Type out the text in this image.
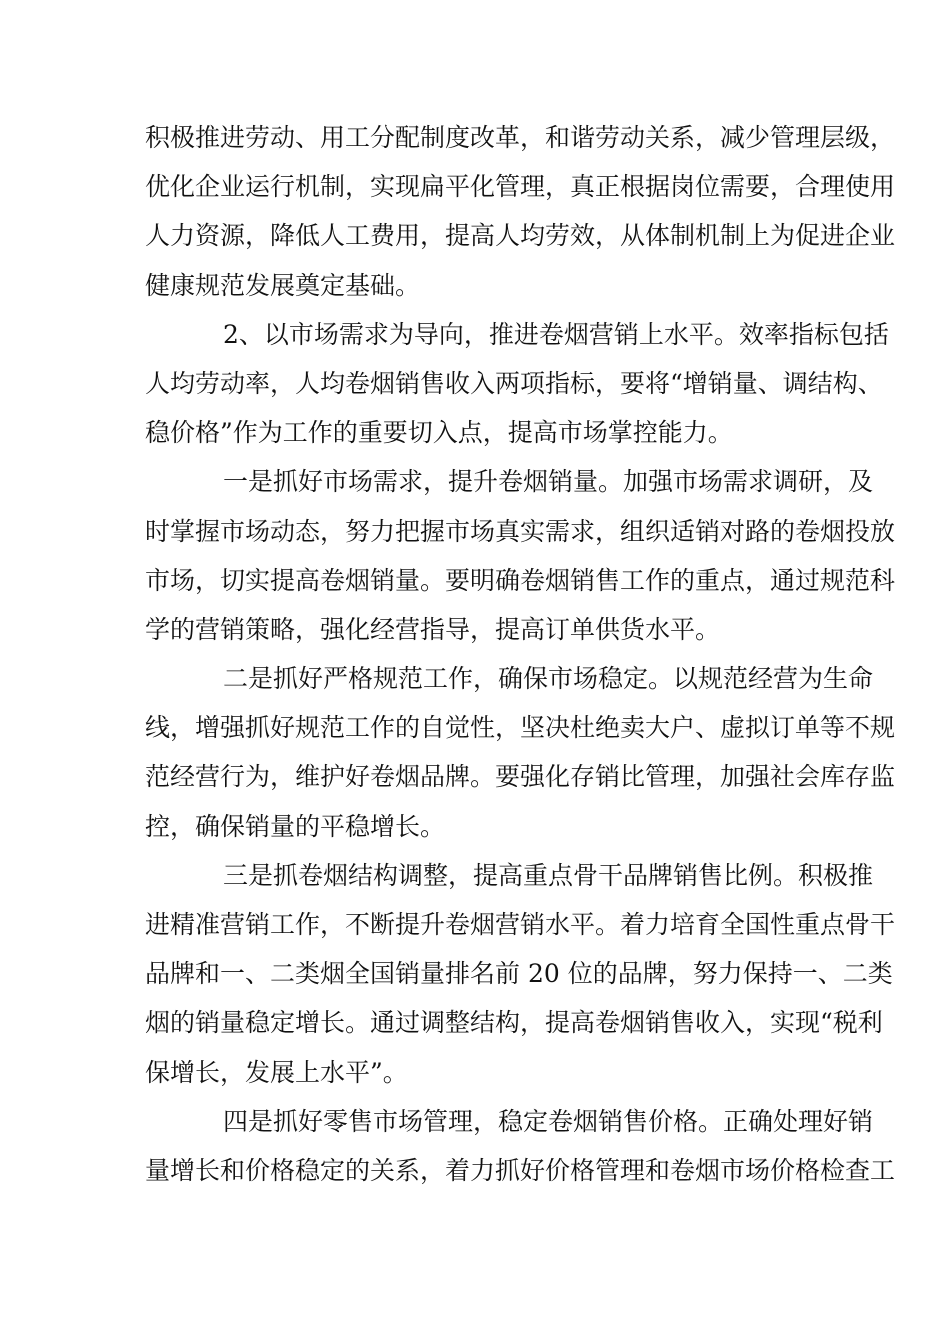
积极推进劳动、用工分配制度改革，和谐劳动关系，减少管理层级，
优化企业运行机制，实现扁平化管理，真正根据岗位需要，合理使用
人力资源，降低人工费用，提高人均劳效，从体制机制上为促进企业
健康规范发展奠定基础。
2、以市场需求为导向，推进卷烟营销上水平。效率指标包括
人均劳动率，人均卷烟销售收入两项指标，要将“增销量、调结构、
稳价格”作为工作的重要切入点，提高市场掌控能力。
一是抓好市场需求，提升卷烟销量。加强市场需求调研，及
时掌握市场动态，努力把握市场真实需求，组织适销对路的卷烟投放
市场，切实提高卷烟销量。要明确卷烟销售工作的重点，通过规范科
学的营销策略，强化经营指导，提高订单供货水平。
二是抓好严格规范工作，确保市场稳定。以规范经营为生命
线，增强抓好规范工作的自觉性，坚决杜绝卖大户、虚拟订单等不规
范经营行为，维护好卷烟品牌。要强化存销比管理，加强社会库存监
控，确保销量的平稳增长。
三是抓卷烟结构调整，提高重点骨干品牌销售比例。积极推
进精准营销工作，不断提升卷烟营销水平。着力培育全国性重点骨干
品牌和一、二类烟全国销量排名前 20 位的品牌，努力保持一、二类
烟的销量稳定增长。通过调整结构，提高卷烟销售收入，实现“税利
保增长，发展上水平”。
四是抓好零售市场管理，稳定卷烟销售价格。正确处理好销
量增长和价格稳定的关系，着力抓好价格管理和卷烟市场价格检查工
